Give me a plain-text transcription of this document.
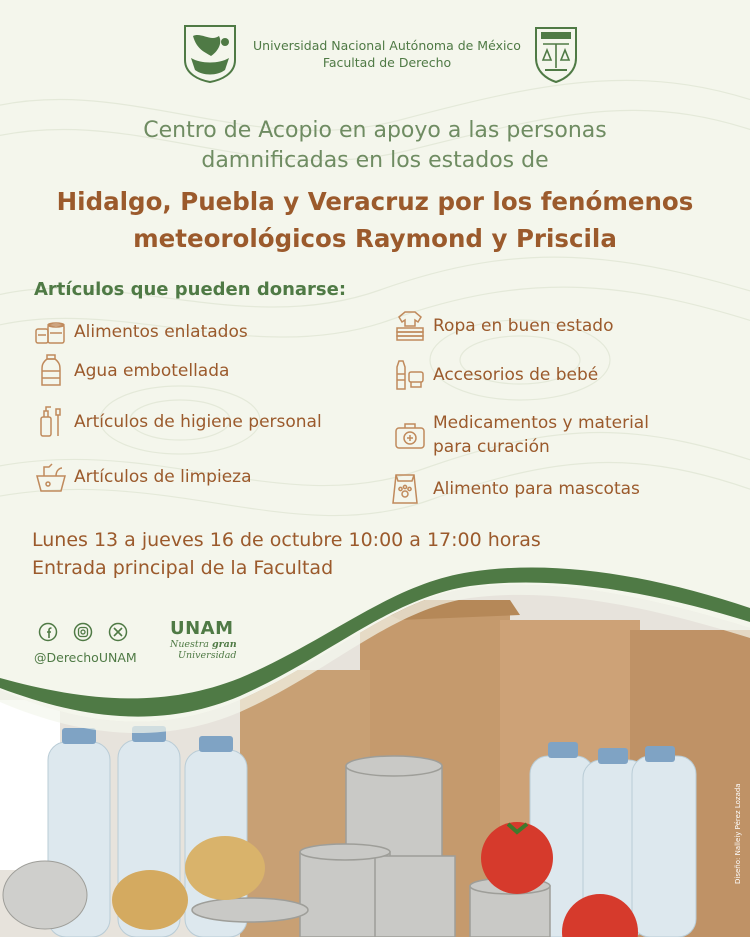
Universidad Nacional Autónoma de México
Facultad de Derecho
Centro de Acopio en apoyo a las personas
damnificadas en los estados de
Hidalgo, Puebla y Veracruz por los fenómenos
meteorológicos Raymond y Priscila
Artículos que pueden donarse:
Alimentos enlatados
Agua embotellada
Artículos de higiene personal
Artículos de limpieza
Ropa en buen estado
Accesorios de bebé
Medicamentos y material
para curación
Alimento para mascotas
Lunes 13 a jueves 16 de octubre 10:00 a 17:00 horas
Entrada principal de la Facultad

@DerechoUNAM
UNAM
Nuestra gran
Universidad
Diseño: Nalleiy Pérez Lozada
